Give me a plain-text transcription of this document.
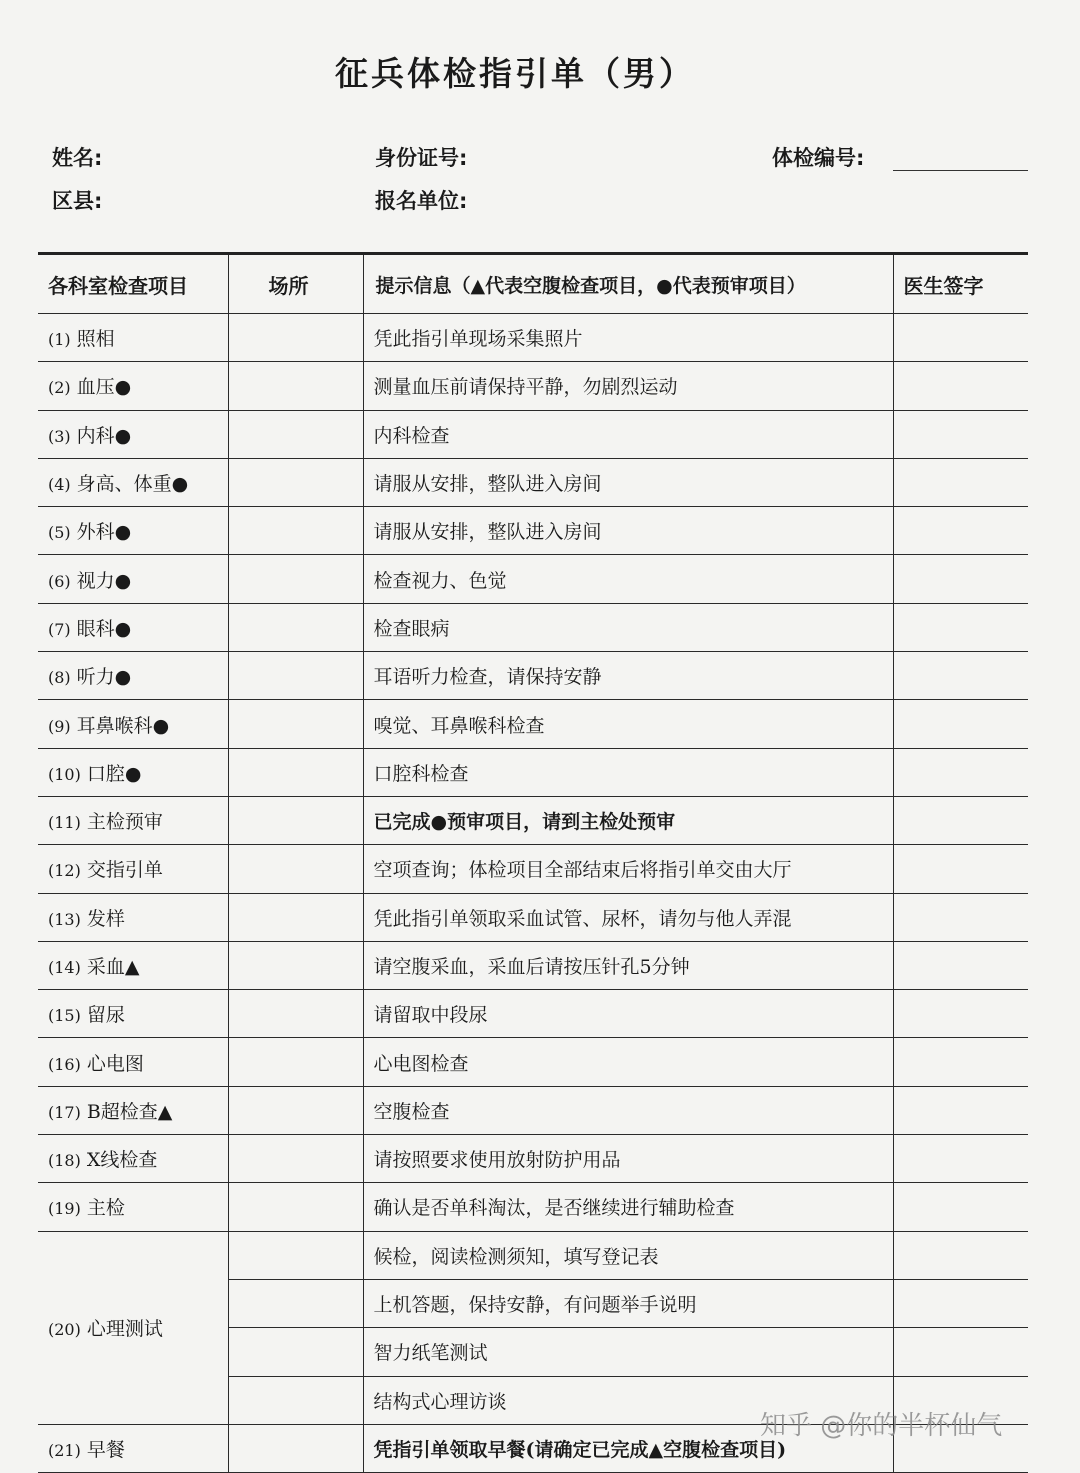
征兵体检指引单（男）
姓名:	身份证号:	体检编号:
区县:	报名单位:
各科室检查项目	场所	提示信息（▲代表空腹检查项目，●代表预审项目）	医生签字
(1) 照相		凭此指引单现场采集照片	
(2) 血压●		测量血压前请保持平静，勿剧烈运动	
(3) 内科●		内科检查	
(4) 身高、体重●		请服从安排，整队进入房间	
(5) 外科●		请服从安排，整队进入房间	
(6) 视力●		检查视力、色觉	
(7) 眼科●		检查眼病	
(8) 听力●		耳语听力检查，请保持安静	
(9) 耳鼻喉科●		嗅觉、耳鼻喉科检查	
(10) 口腔●		口腔科检查	
(11) 主检预审		已完成●预审项目，请到主检处预审	
(12) 交指引单		空项查询；体检项目全部结束后将指引单交由大厅	
(13) 发样		凭此指引单领取采血试管、尿杯，请勿与他人弄混	
(14) 采血▲		请空腹采血，采血后请按压针孔5分钟	
(15) 留尿		请留取中段尿	
(16) 心电图		心电图检查	
(17) B超检查▲		空腹检查	
(18) X线检查		请按照要求使用放射防护用品	
(19) 主检		确认是否单科淘汰，是否继续进行辅助检查	
(20) 心理测试		候检，阅读检测须知，填写登记表	
		上机答题，保持安静，有问题举手说明	
		智力纸笔测试	
		结构式心理访谈	
(21) 早餐		凭指引单领取早餐(请确定已完成▲空腹检查项目)	
知乎 @你的半杯仙气
